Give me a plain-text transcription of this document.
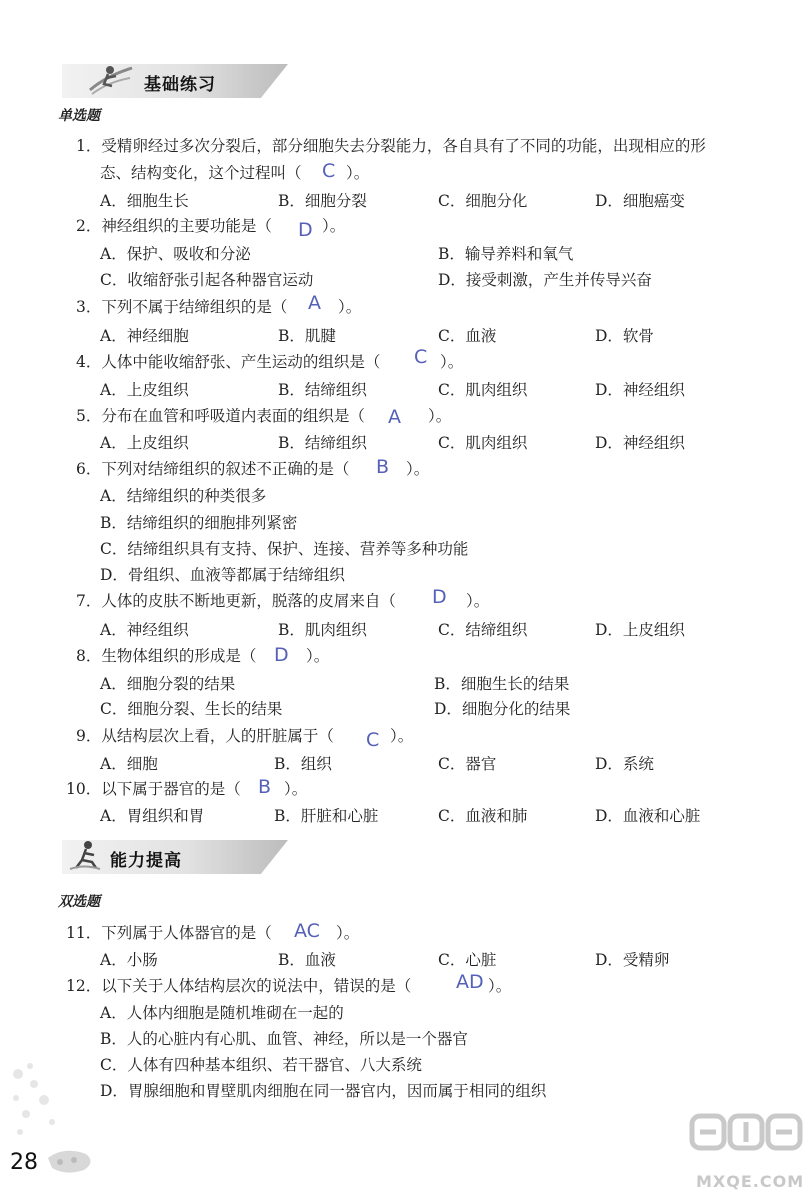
基础练习
单选题
1．受精卵经过多次分裂后，部分细胞失去分裂能力，各自具有了不同的功能，出现相应的形
态、结构变化，这个过程叫（ C ）。
A．细胞生长	B．细胞分裂	C．细胞分化	D．细胞癌变
2．神经组织的主要功能是（ D ）。
A．保护、吸收和分泌	B．输导养料和氧气
C．收缩舒张引起各种器官运动	D．接受刺激，产生并传导兴奋
3．下列不属于结缔组织的是（ A ）。
A．神经细胞	B．肌腱	C．血液	D．软骨
4．人体中能收缩舒张、产生运动的组织是（ C ）。
A．上皮组织	B．结缔组织	C．肌肉组织	D．神经组织
5．分布在血管和呼吸道内表面的组织是（ A ）。
A．上皮组织	B．结缔组织	C．肌肉组织	D．神经组织
6．下列对结缔组织的叙述不正确的是（ B ）。
A．结缔组织的种类很多
B．结缔组织的细胞排列紧密
C．结缔组织具有支持、保护、连接、营养等多种功能
D．骨组织、血液等都属于结缔组织
7．人体的皮肤不断地更新，脱落的皮屑来自（ D ）。
A．神经组织	B．肌肉组织	C．结缔组织	D．上皮组织
8．生物体组织的形成是（ D ）。
A．细胞分裂的结果	B．细胞生长的结果
C．细胞分裂、生长的结果	D．细胞分化的结果
9．从结构层次上看，人的肝脏属于（ C ）。
A．细胞	B．组织	C．器官	D．系统
10．以下属于器官的是（ B ）。
A．胃组织和胃	B．肝脏和心脏	C．血液和肺	D．血液和心脏
能力提高
双选题
11．下列属于人体器官的是（ AC ）。
A．小肠	B．血液	C．心脏	D．受精卵
12．以下关于人体结构层次的说法中，错误的是（ AD ）。
A．人体内细胞是随机堆砌在一起的
B．人的心脏内有心肌、血管、神经，所以是一个器官
C．人体有四种基本组织、若干器官、八大系统
D．胃腺细胞和胃壁肌肉细胞在同一器官内，因而属于相同的组织
28
MXQE.COM
